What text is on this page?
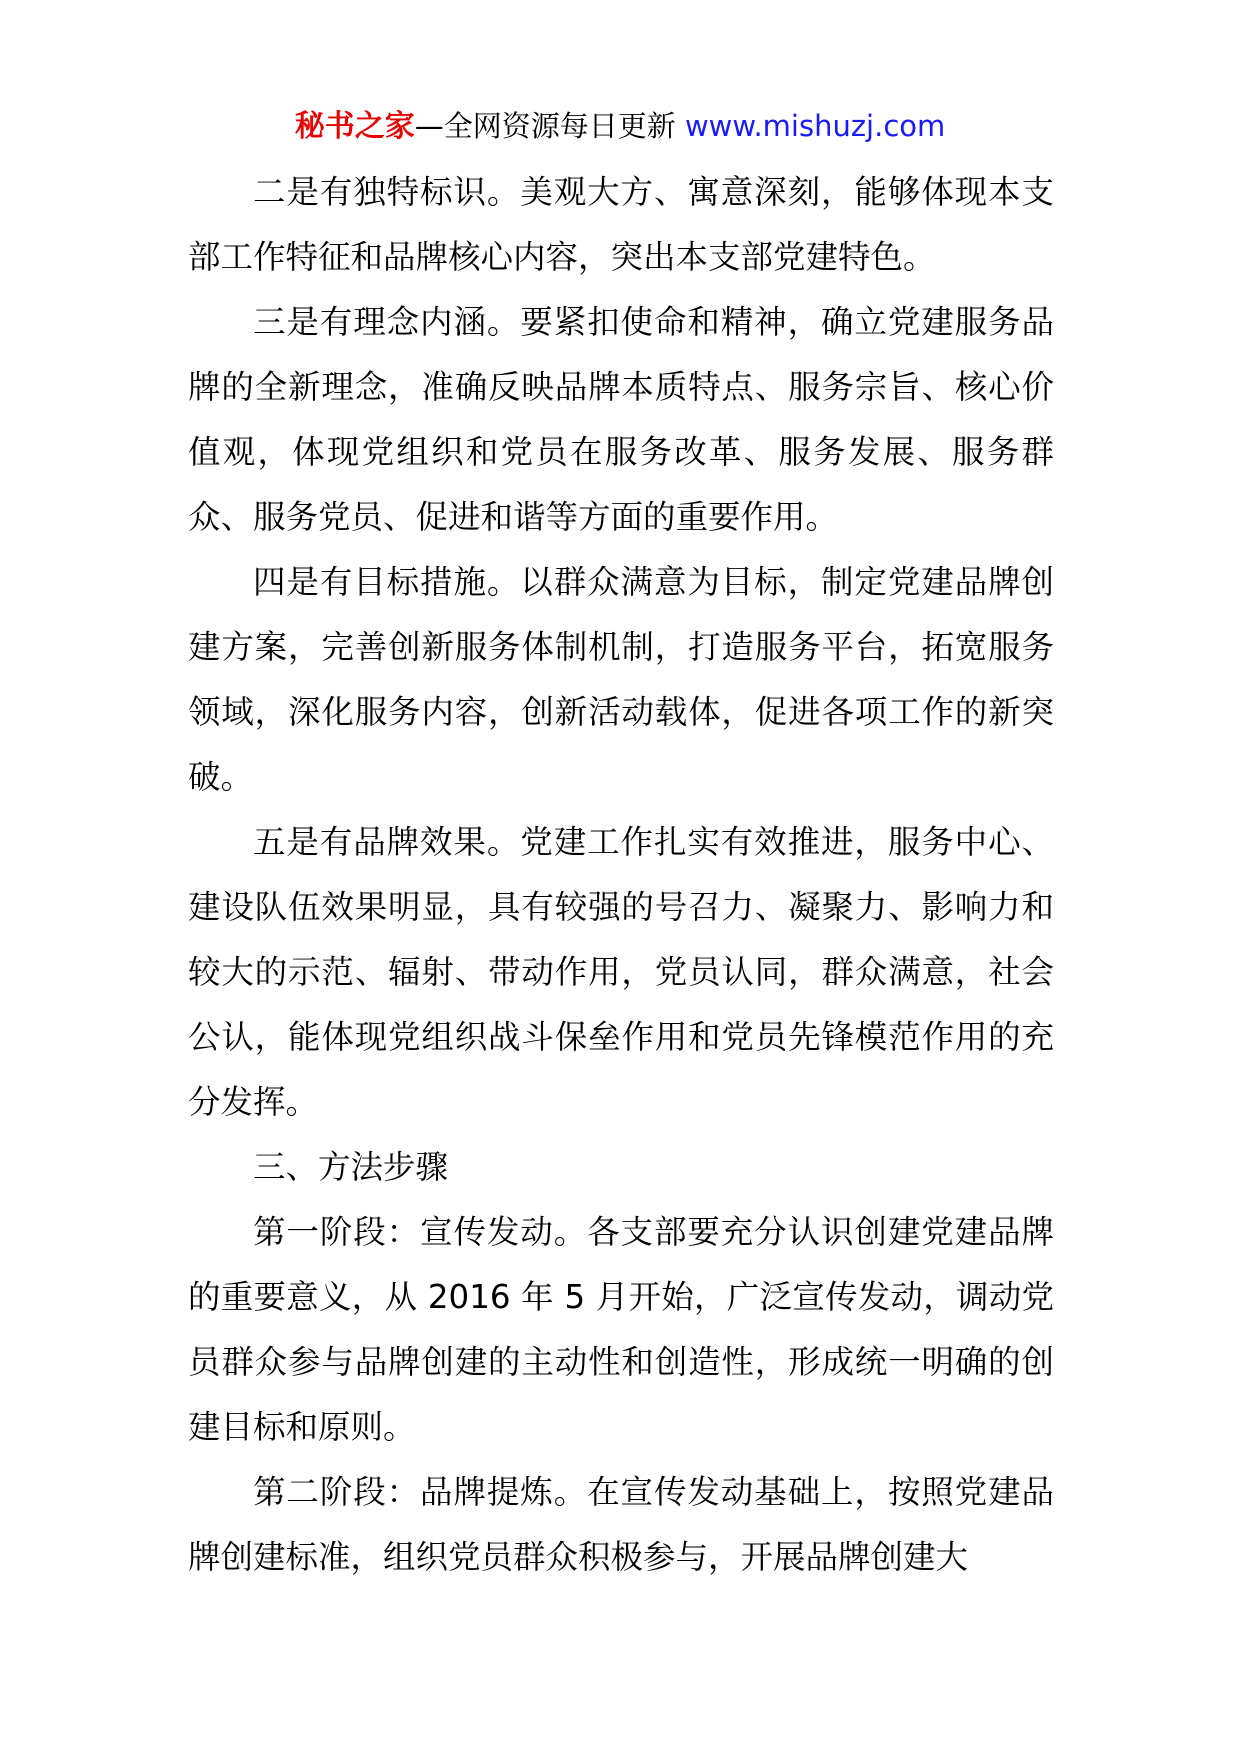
秘书之家—全网资源每日更新 www.mishuzj.com

二是有独特标识。美观大方、寓意深刻，能够体现本支部工作特征和品牌核心内容，突出本支部党建特色。

三是有理念内涵。要紧扣使命和精神，确立党建服务品牌的全新理念，准确反映品牌本质特点、服务宗旨、核心价值观，体现党组织和党员在服务改革、服务发展、服务群众、服务党员、促进和谐等方面的重要作用。

四是有目标措施。以群众满意为目标，制定党建品牌创建方案，完善创新服务体制机制，打造服务平台，拓宽服务领域，深化服务内容，创新活动载体，促进各项工作的新突破。

五是有品牌效果。党建工作扎实有效推进，服务中心、建设队伍效果明显，具有较强的号召力、凝聚力、影响力和较大的示范、辐射、带动作用，党员认同，群众满意，社会公认，能体现党组织战斗保垒作用和党员先锋模范作用的充分发挥。

三、方法步骤

第一阶段：宣传发动。各支部要充分认识创建党建品牌的重要意义，从 2016 年 5 月开始，广泛宣传发动，调动党员群众参与品牌创建的主动性和创造性，形成统一明确的创建目标和原则。

第二阶段：品牌提炼。在宣传发动基础上，按照党建品牌创建标准，组织党员群众积极参与，开展品牌创建大
